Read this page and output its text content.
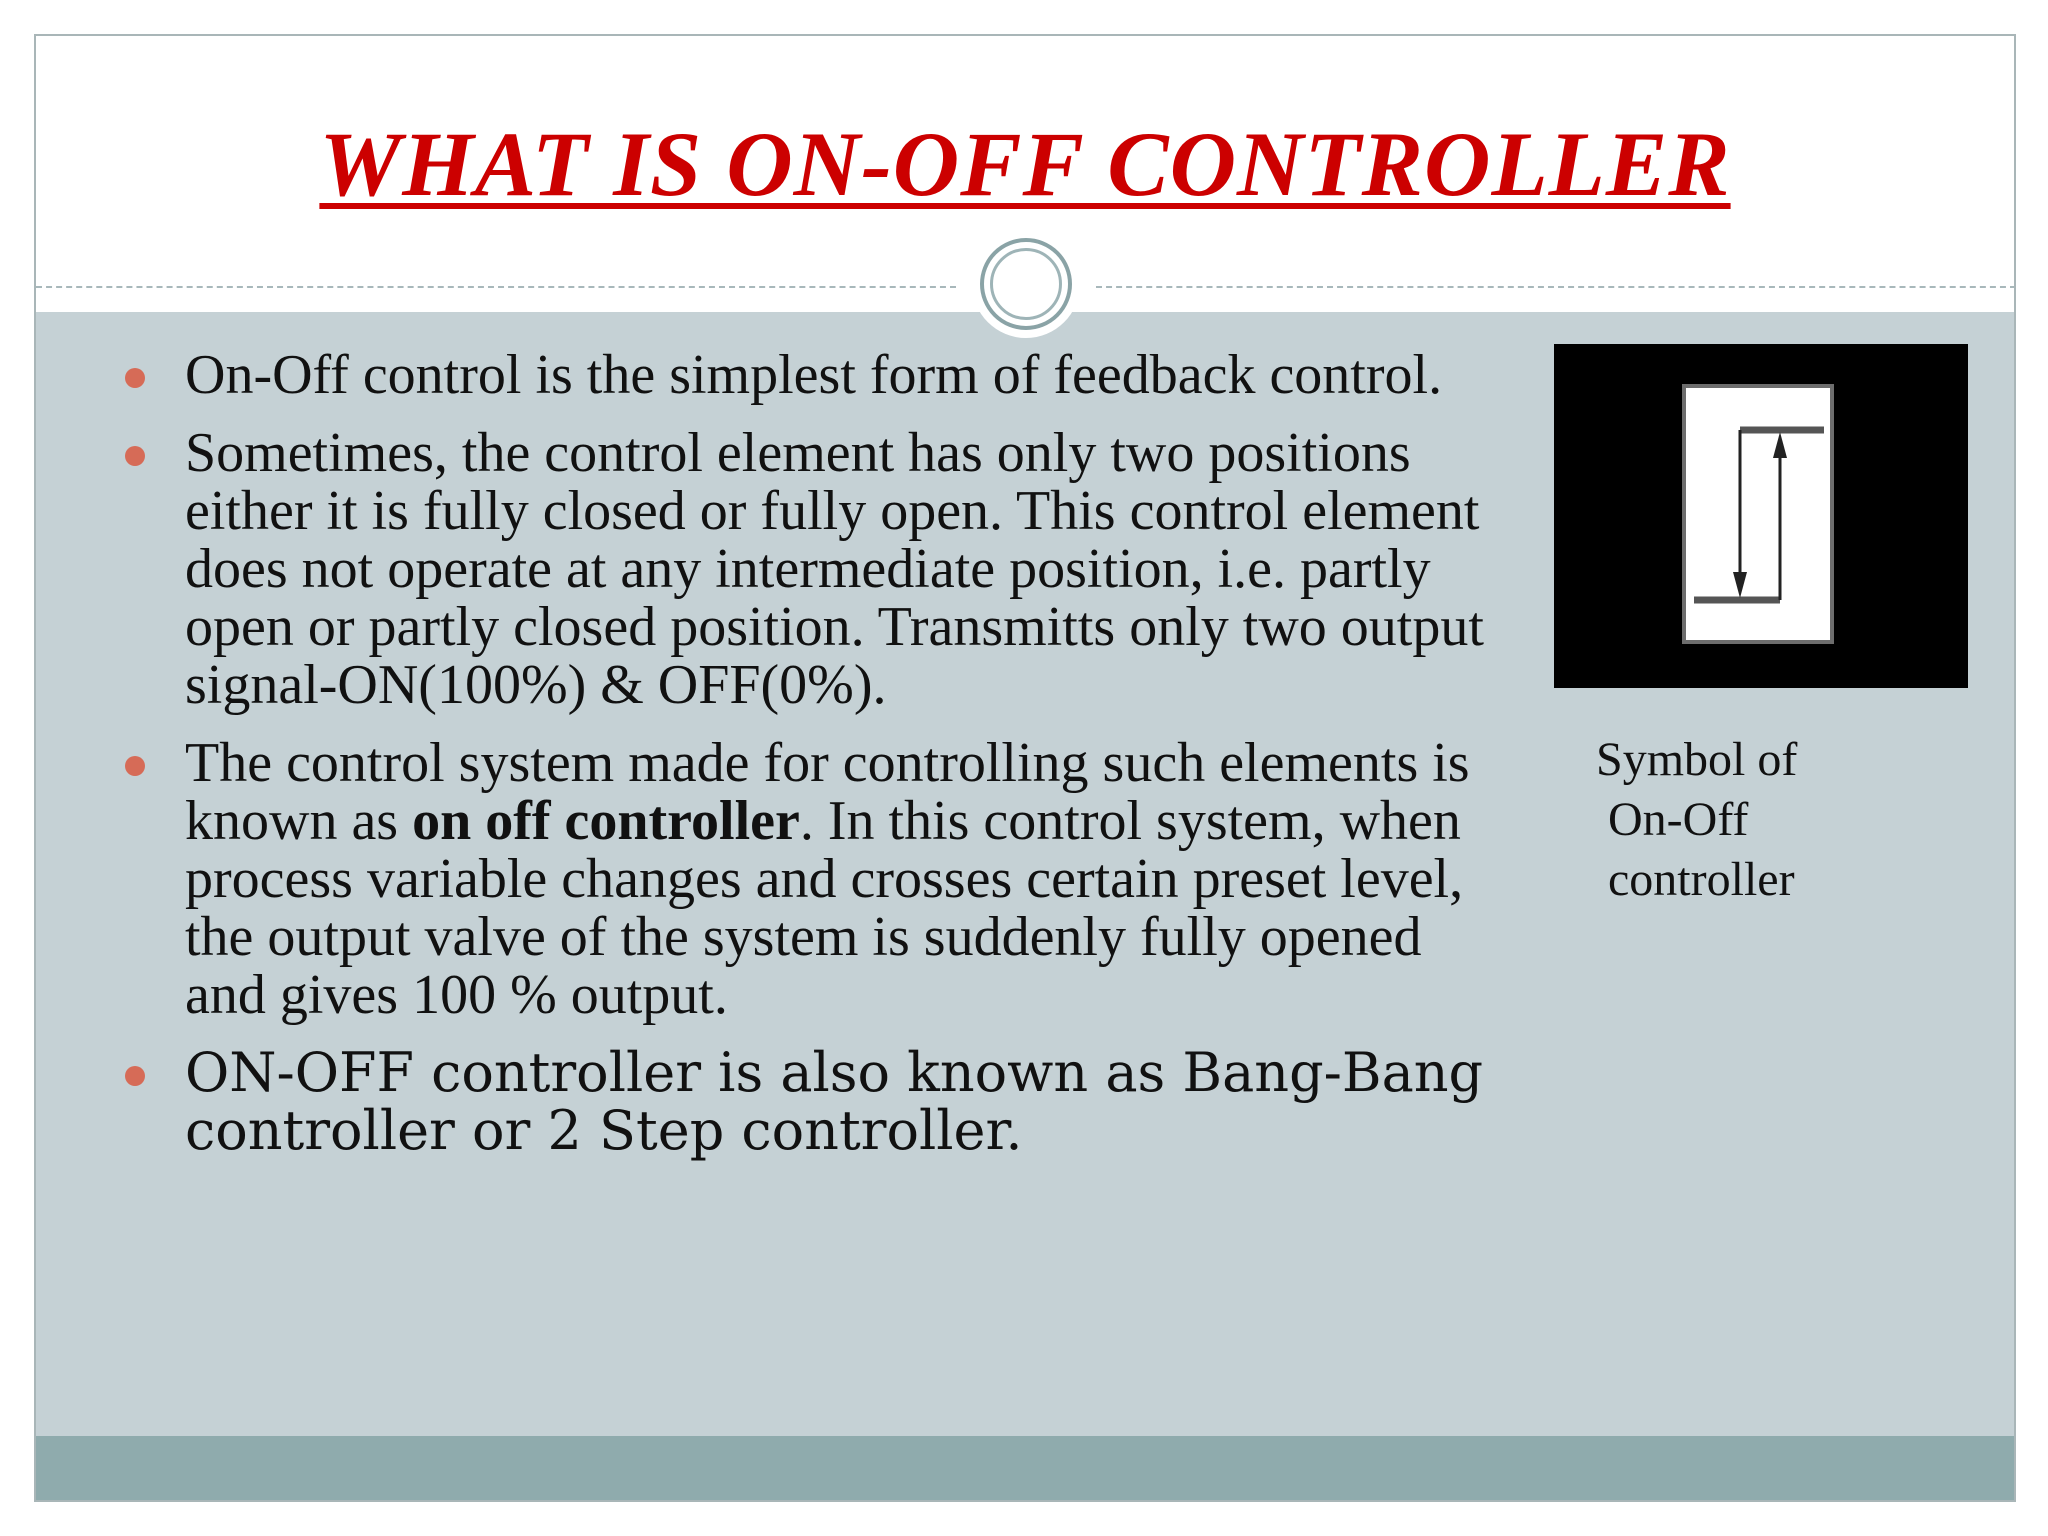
WHAT IS ON-OFF CONTROLLER
On-Off control is the simplest form of feedback control.
Sometimes, the control element has only two positions either it is fully closed or fully open. This control element does not operate at any intermediate position, i.e. partly open or partly closed position. Transmitts only two output signal-ON(100%) & OFF(0%).
The control system made for controlling such elements is known as on off controller. In this control system, when process variable changes and crosses certain preset level, the output valve of the system is suddenly fully opened and gives 100 % output.
ON-OFF controller is also known as Bang-Bang controller or 2 Step controller.
Symbol of
On-Off
controller
